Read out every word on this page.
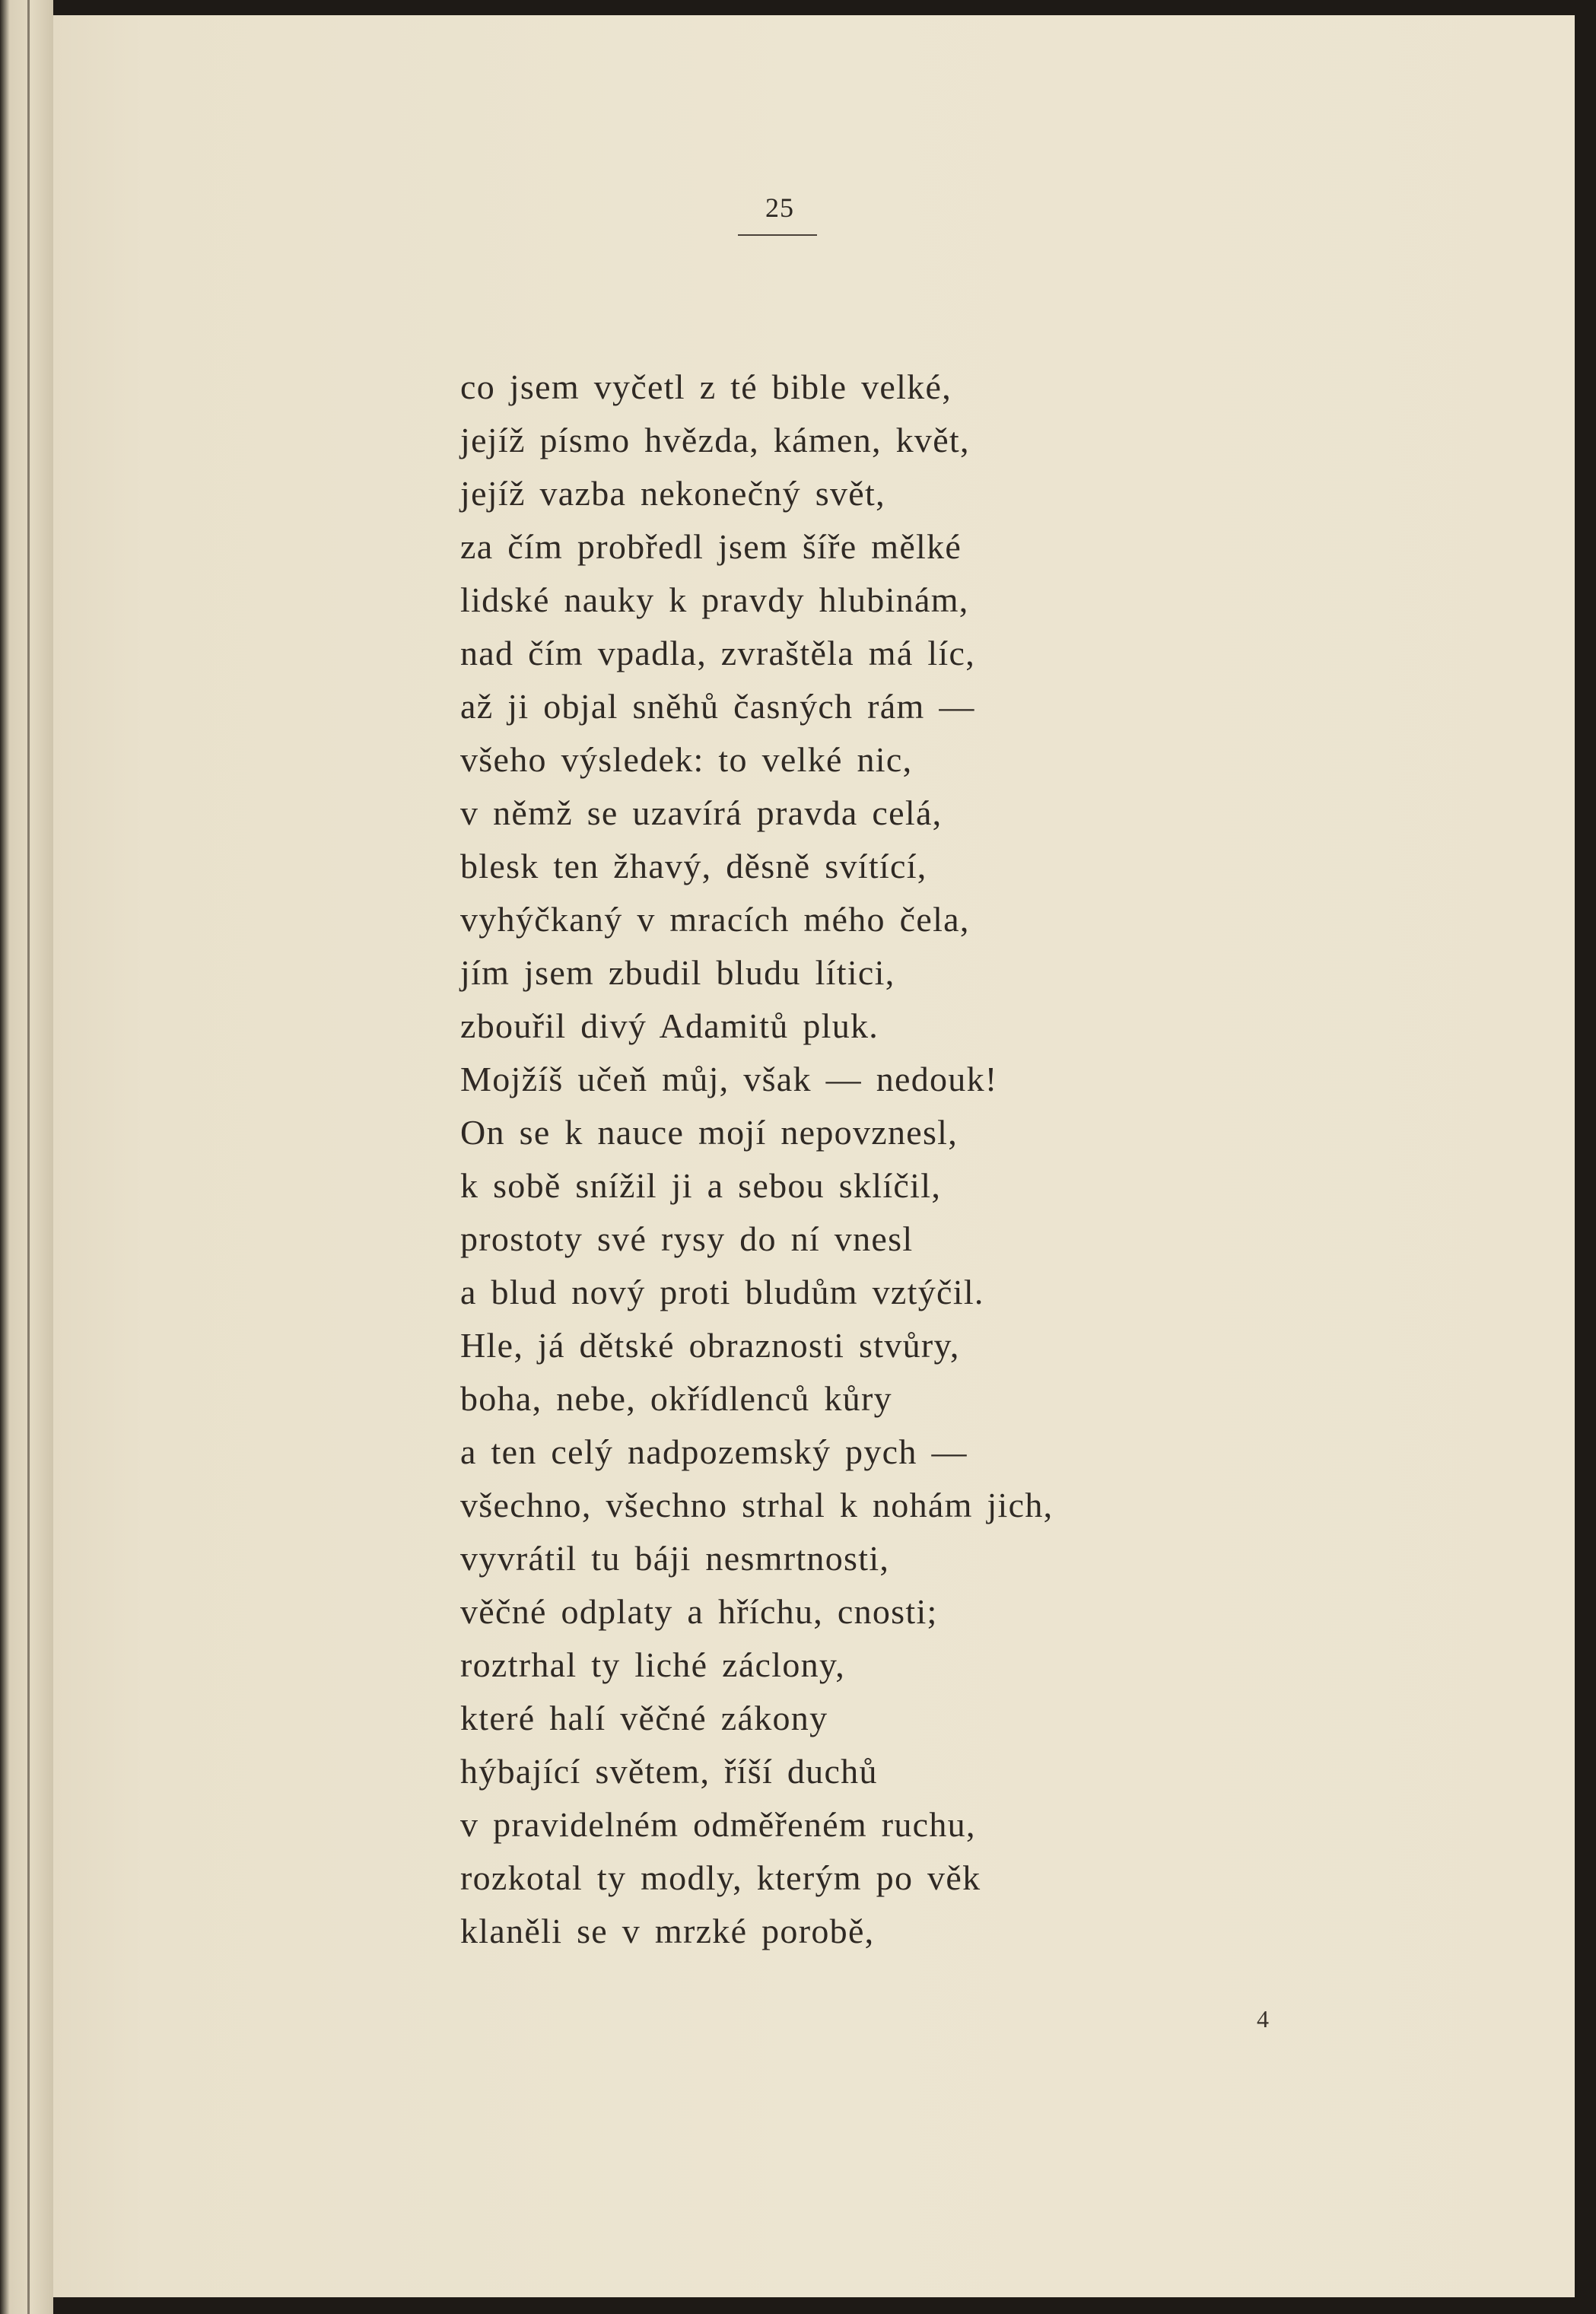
25
co jsem vyčetl z té bible velké,
jejíž písmo hvězda, kámen, květ,
jejíž vazba nekonečný svět,
za čím probředl jsem šíře mělké
lidské nauky k pravdy hlubinám,
nad čím vpadla, zvraštěla má líc,
až ji objal sněhů časných rám —
všeho výsledek: to velké nic,
v němž se uzavírá pravda celá,
blesk ten žhavý, děsně svítící,
vyhýčkaný v mracích mého čela,
jím jsem zbudil bludu lítici,
zbouřil divý Adamitů pluk.
Mojžíš učeň můj, však — nedouk!
On se k nauce mojí nepovznesl,
k sobě snížil ji a sebou sklíčil,
prostoty své rysy do ní vnesl
a blud nový proti bludům vztýčil.
Hle, já dětské obraznosti stvůry,
boha, nebe, okřídlenců kůry
a ten celý nadpozemský pych —
všechno, všechno strhal k nohám jich,
vyvrátil tu báji nesmrtnosti,
věčné odplaty a hříchu, cnosti;
roztrhal ty liché záclony,
které halí věčné zákony
hýbající světem, říší duchů
v pravidelném odměřeném ruchu,
rozkotal ty modly, kterým po věk
klaněli se v mrzké porobě,
4
